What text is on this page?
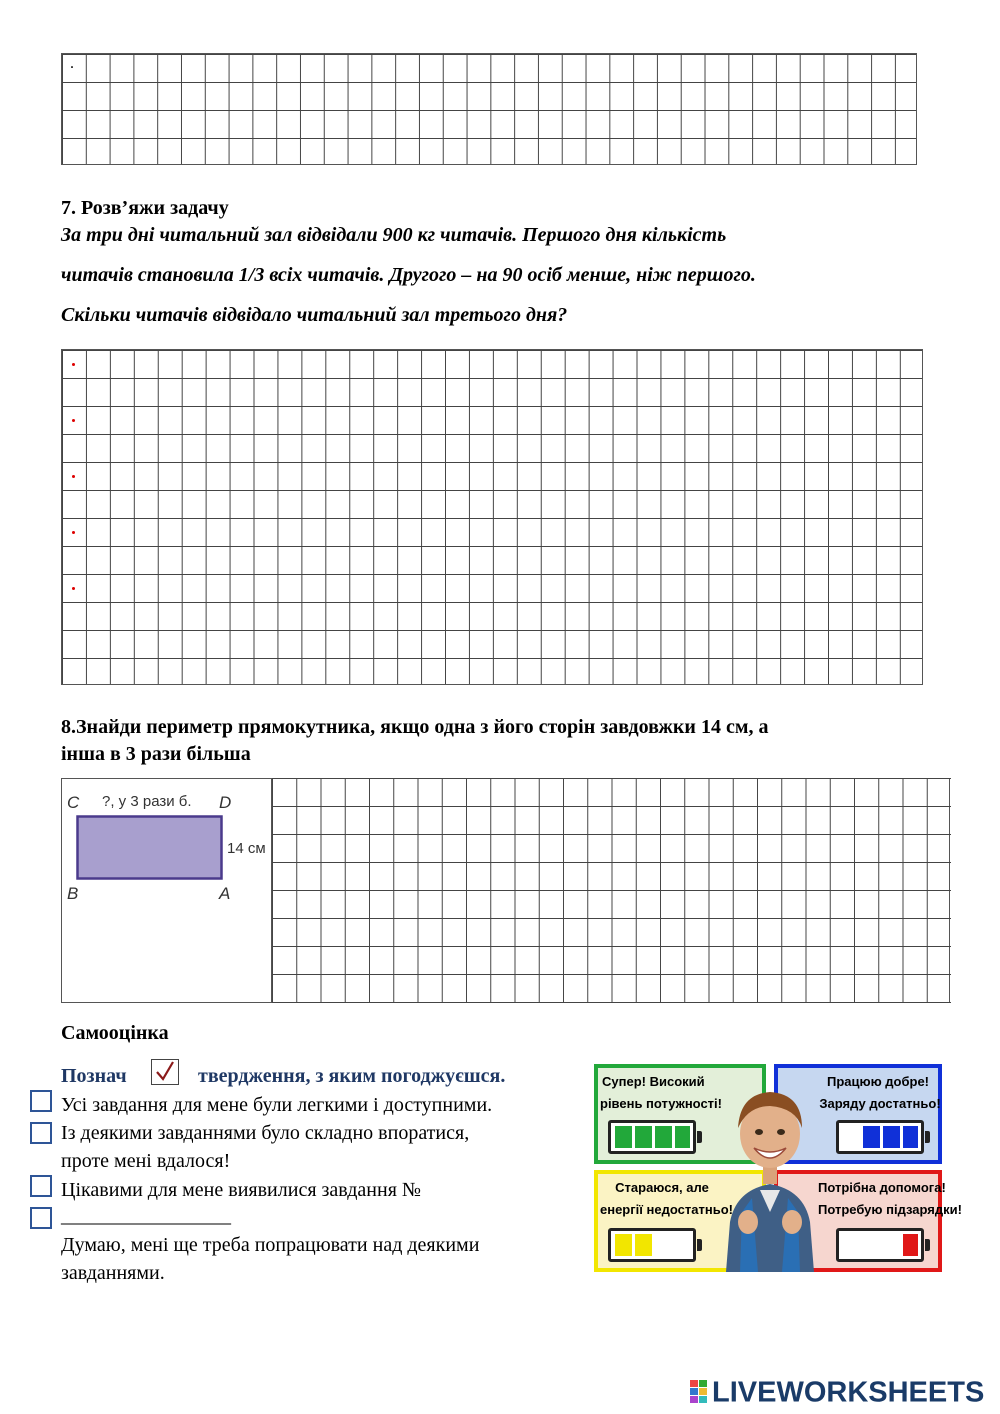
.
7. Розв’яжи задачу
За три дні читальний зал відвідали 900 кг читачів. Першого дня кількість
читачів становила 1/3 всіх читачів. Другого – на 90 осіб менше, ніж першого.
Скільки читачів відвідало читальний зал третього дня?
8.Знайди периметр прямокутника, якщо одна з його сторін завдовжки 14 см, а
інша в 3 рази більша
C ?, у 3 рази б. D
14 см
B	A
Самооцінка
Познач	твердження, з яким погоджуєшся.
Усі завдання для мене були легкими і доступними.
Із деякими завданнями було складно впоратися,
проте мені вдалося!
Цікавими для мене виявилися завдання №
_________________
Думаю, мені ще треба попрацювати над деякими
завданнями.
Супер! Високий
рівень потужності!
Працюю добре!
Заряду достатньо!
Стараюся, але
енергії недостатньо!
Потрібна допомога!
Потребую підзарядки!
LIVEWORKSHEETS
